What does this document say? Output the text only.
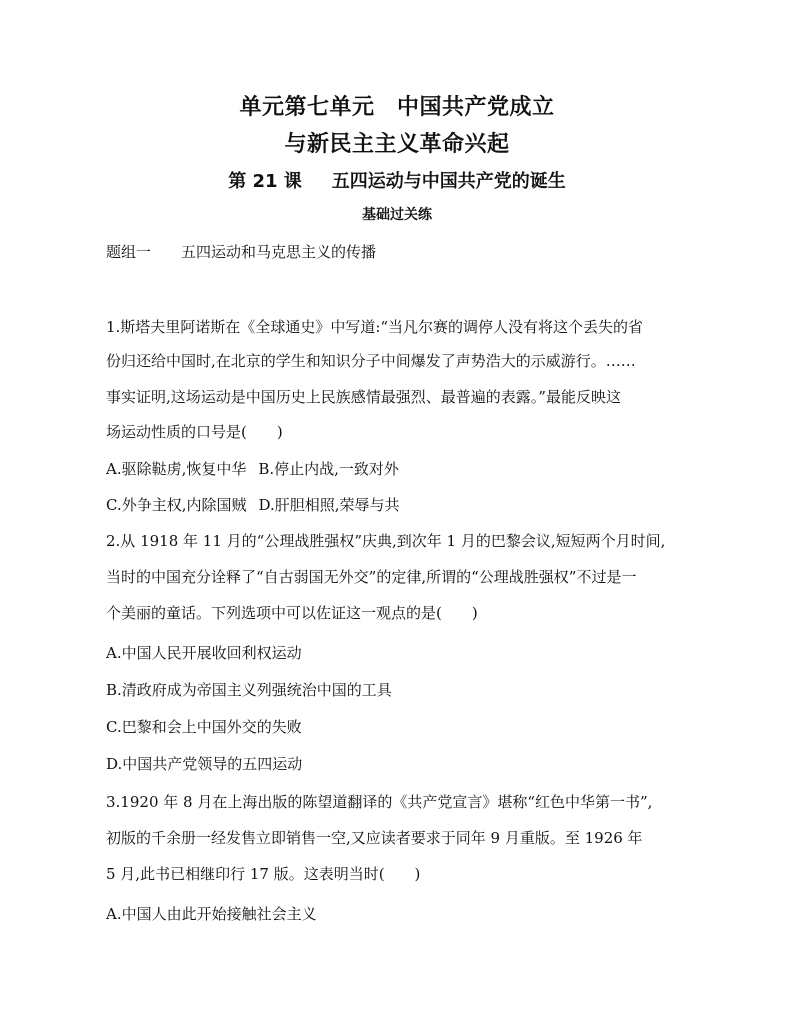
单元第七单元　中国共产党成立
与新民主主义革命兴起
第 21 课 五四运动与中国共产党的诞生
基础过关练
题组一 五四运动和马克思主义的传播
1.斯塔夫里阿诺斯在《全球通史》中写道:“当凡尔赛的调停人没有将这个丢失的省
份归还给中国时,在北京的学生和知识分子中间爆发了声势浩大的示威游行。……
事实证明,这场运动是中国历史上民族感情最强烈、最普遍的表露。”最能反映这
场运动性质的口号是(　　)
A.驱除鞑虏,恢复中华 B.停止内战,一致对外
C.外争主权,内除国贼 D.肝胆相照,荣辱与共
2.从 1918 年 11 月的“公理战胜强权”庆典,到次年 1 月的巴黎会议,短短两个月时间,
当时的中国充分诠释了“自古弱国无外交”的定律,所谓的“公理战胜强权”不过是一
个美丽的童话。下列选项中可以佐证这一观点的是(　　)
A.中国人民开展收回利权运动
B.清政府成为帝国主义列强统治中国的工具
C.巴黎和会上中国外交的失败
D.中国共产党领导的五四运动
3.1920 年 8 月在上海出版的陈望道翻译的《共产党宣言》堪称“红色中华第一书”,
初版的千余册一经发售立即销售一空,又应读者要求于同年 9 月重版。至 1926 年
5 月,此书已相继印行 17 版。这表明当时(　　)
A.中国人由此开始接触社会主义
